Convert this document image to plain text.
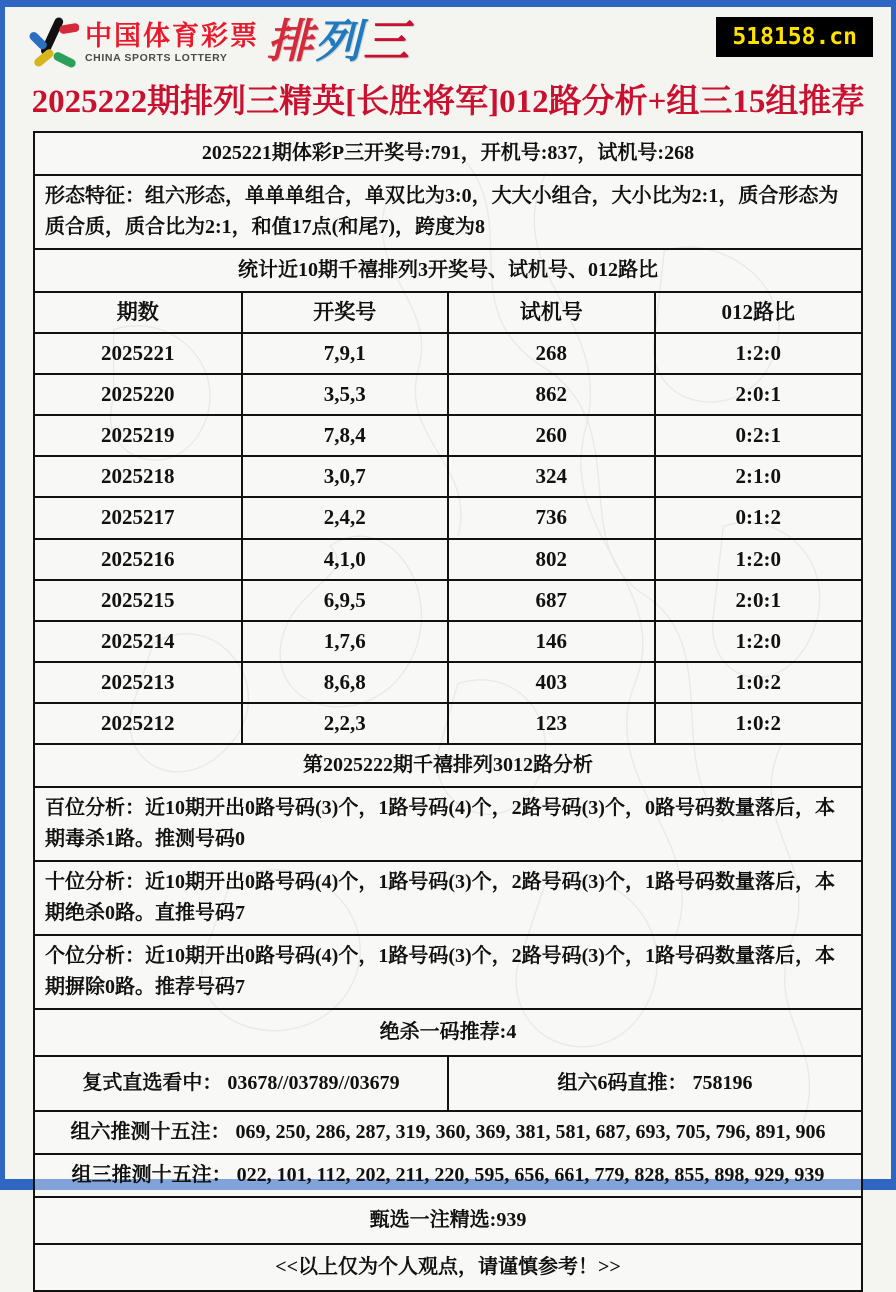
中国体育彩票
CHINA SPORTS LOTTERY 排列三	518158.cn
2025222期排列三精英[长胜将军]012路分析+组三15组推荐
2025221期体彩P三开奖号:791，开机号:837，试机号:268
形态特征：组六形态，单单单组合，单双比为3:0，大大小组合，大小比为2:1，质合形态为质合质，质合比为2:1，和值17点(和尾7)，跨度为8
统计近10期千禧排列3开奖号、试机号、012路比
期数	开奖号	试机号	012路比
2025221	7,9,1	268	1:2:0
2025220	3,5,3	862	2:0:1
2025219	7,8,4	260	0:2:1
2025218	3,0,7	324	2:1:0
2025217	2,4,2	736	0:1:2
2025216	4,1,0	802	1:2:0
2025215	6,9,5	687	2:0:1
2025214	1,7,6	146	1:2:0
2025213	8,6,8	403	1:0:2
2025212	2,2,3	123	1:0:2
第2025222期千禧排列3012路分析
百位分析：近10期开出0路号码(3)个，1路号码(4)个，2路号码(3)个，0路号码数量落后，本期毒杀1路。推测号码0
十位分析：近10期开出0路号码(4)个，1路号码(3)个，2路号码(3)个，1路号码数量落后，本期绝杀0路。直推号码7
个位分析：近10期开出0路号码(4)个，1路号码(3)个，2路号码(3)个，1路号码数量落后，本期摒除0路。推荐号码7
绝杀一码推荐:4
复式直选看中： 03678//03789//03679	组六6码直推： 758196
组六推测十五注： 069, 250, 286, 287, 319, 360, 369, 381, 581, 687, 693, 705, 796, 891, 906
组三推测十五注： 022, 101, 112, 202, 211, 220, 595, 656, 661, 779, 828, 855, 898, 929, 939
甄选一注精选:939
<<以上仅为个人观点，请谨慎参考！>>
